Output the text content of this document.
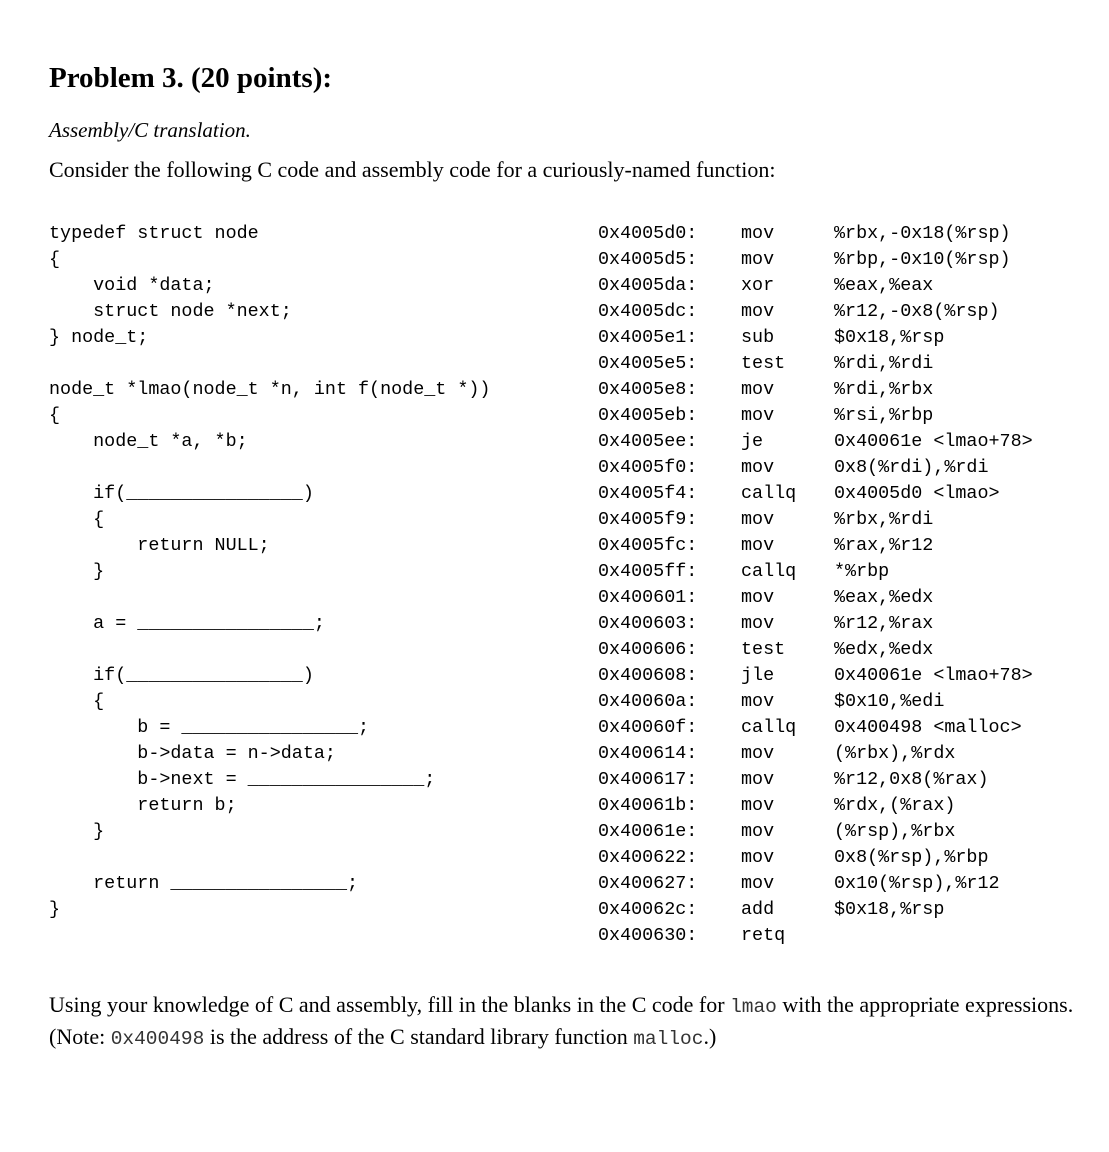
Problem 3. (20 points):
Assembly/C translation.
Consider the following C code and assembly code for a curiously-named function:
typedef struct node
{
void *data;
struct node *next;
} node_t;
node_t *lmao(node_t *n, int f(node_t *))
{
node_t *a, *b;
if(________________)
{
return NULL;
}
a = ________________;
if(________________)
{
b = ________________;
b->data = n->data;
b->next = ________________;
return b;
}
return ________________;
}
0x4005d0: mov	%rbx,-0x18(%rsp)
0x4005d5: mov	%rbp,-0x10(%rsp)
0x4005da: xor	%eax,%eax
0x4005dc: mov	%r12,-0x8(%rsp)
0x4005e1: sub	$0x18,%rsp
0x4005e5: test	%rdi,%rdi
0x4005e8: mov	%rdi,%rbx
0x4005eb: mov	%rsi,%rbp
0x4005ee: je	0x40061e <lmao+78>
0x4005f0: mov	0x8(%rdi),%rdi
0x4005f4: callq 0x4005d0 <lmao>
0x4005f9: mov	%rbx,%rdi
0x4005fc: mov	%rax,%r12
0x4005ff: callq *%rbp
0x400601: mov	%eax,%edx
0x400603: mov	%r12,%rax
0x400606: test	%edx,%edx
0x400608: jle	0x40061e <lmao+78>
0x40060a: mov	$0x10,%edi
0x40060f: callq 0x400498 <malloc>
0x400614: mov	(%rbx),%rdx
0x400617: mov	%r12,0x8(%rax)
0x40061b: mov	%rdx,(%rax)
0x40061e: mov	(%rsp),%rbx
0x400622: mov	0x8(%rsp),%rbp
0x400627: mov	0x10(%rsp),%r12
0x40062c: add	$0x18,%rsp
0x400630: retq
Using your knowledge of C and assembly, fill in the blanks in the C code for lmao with the appropriate expressions. (Note: 0x400498 is the address of the C standard library function malloc.)
